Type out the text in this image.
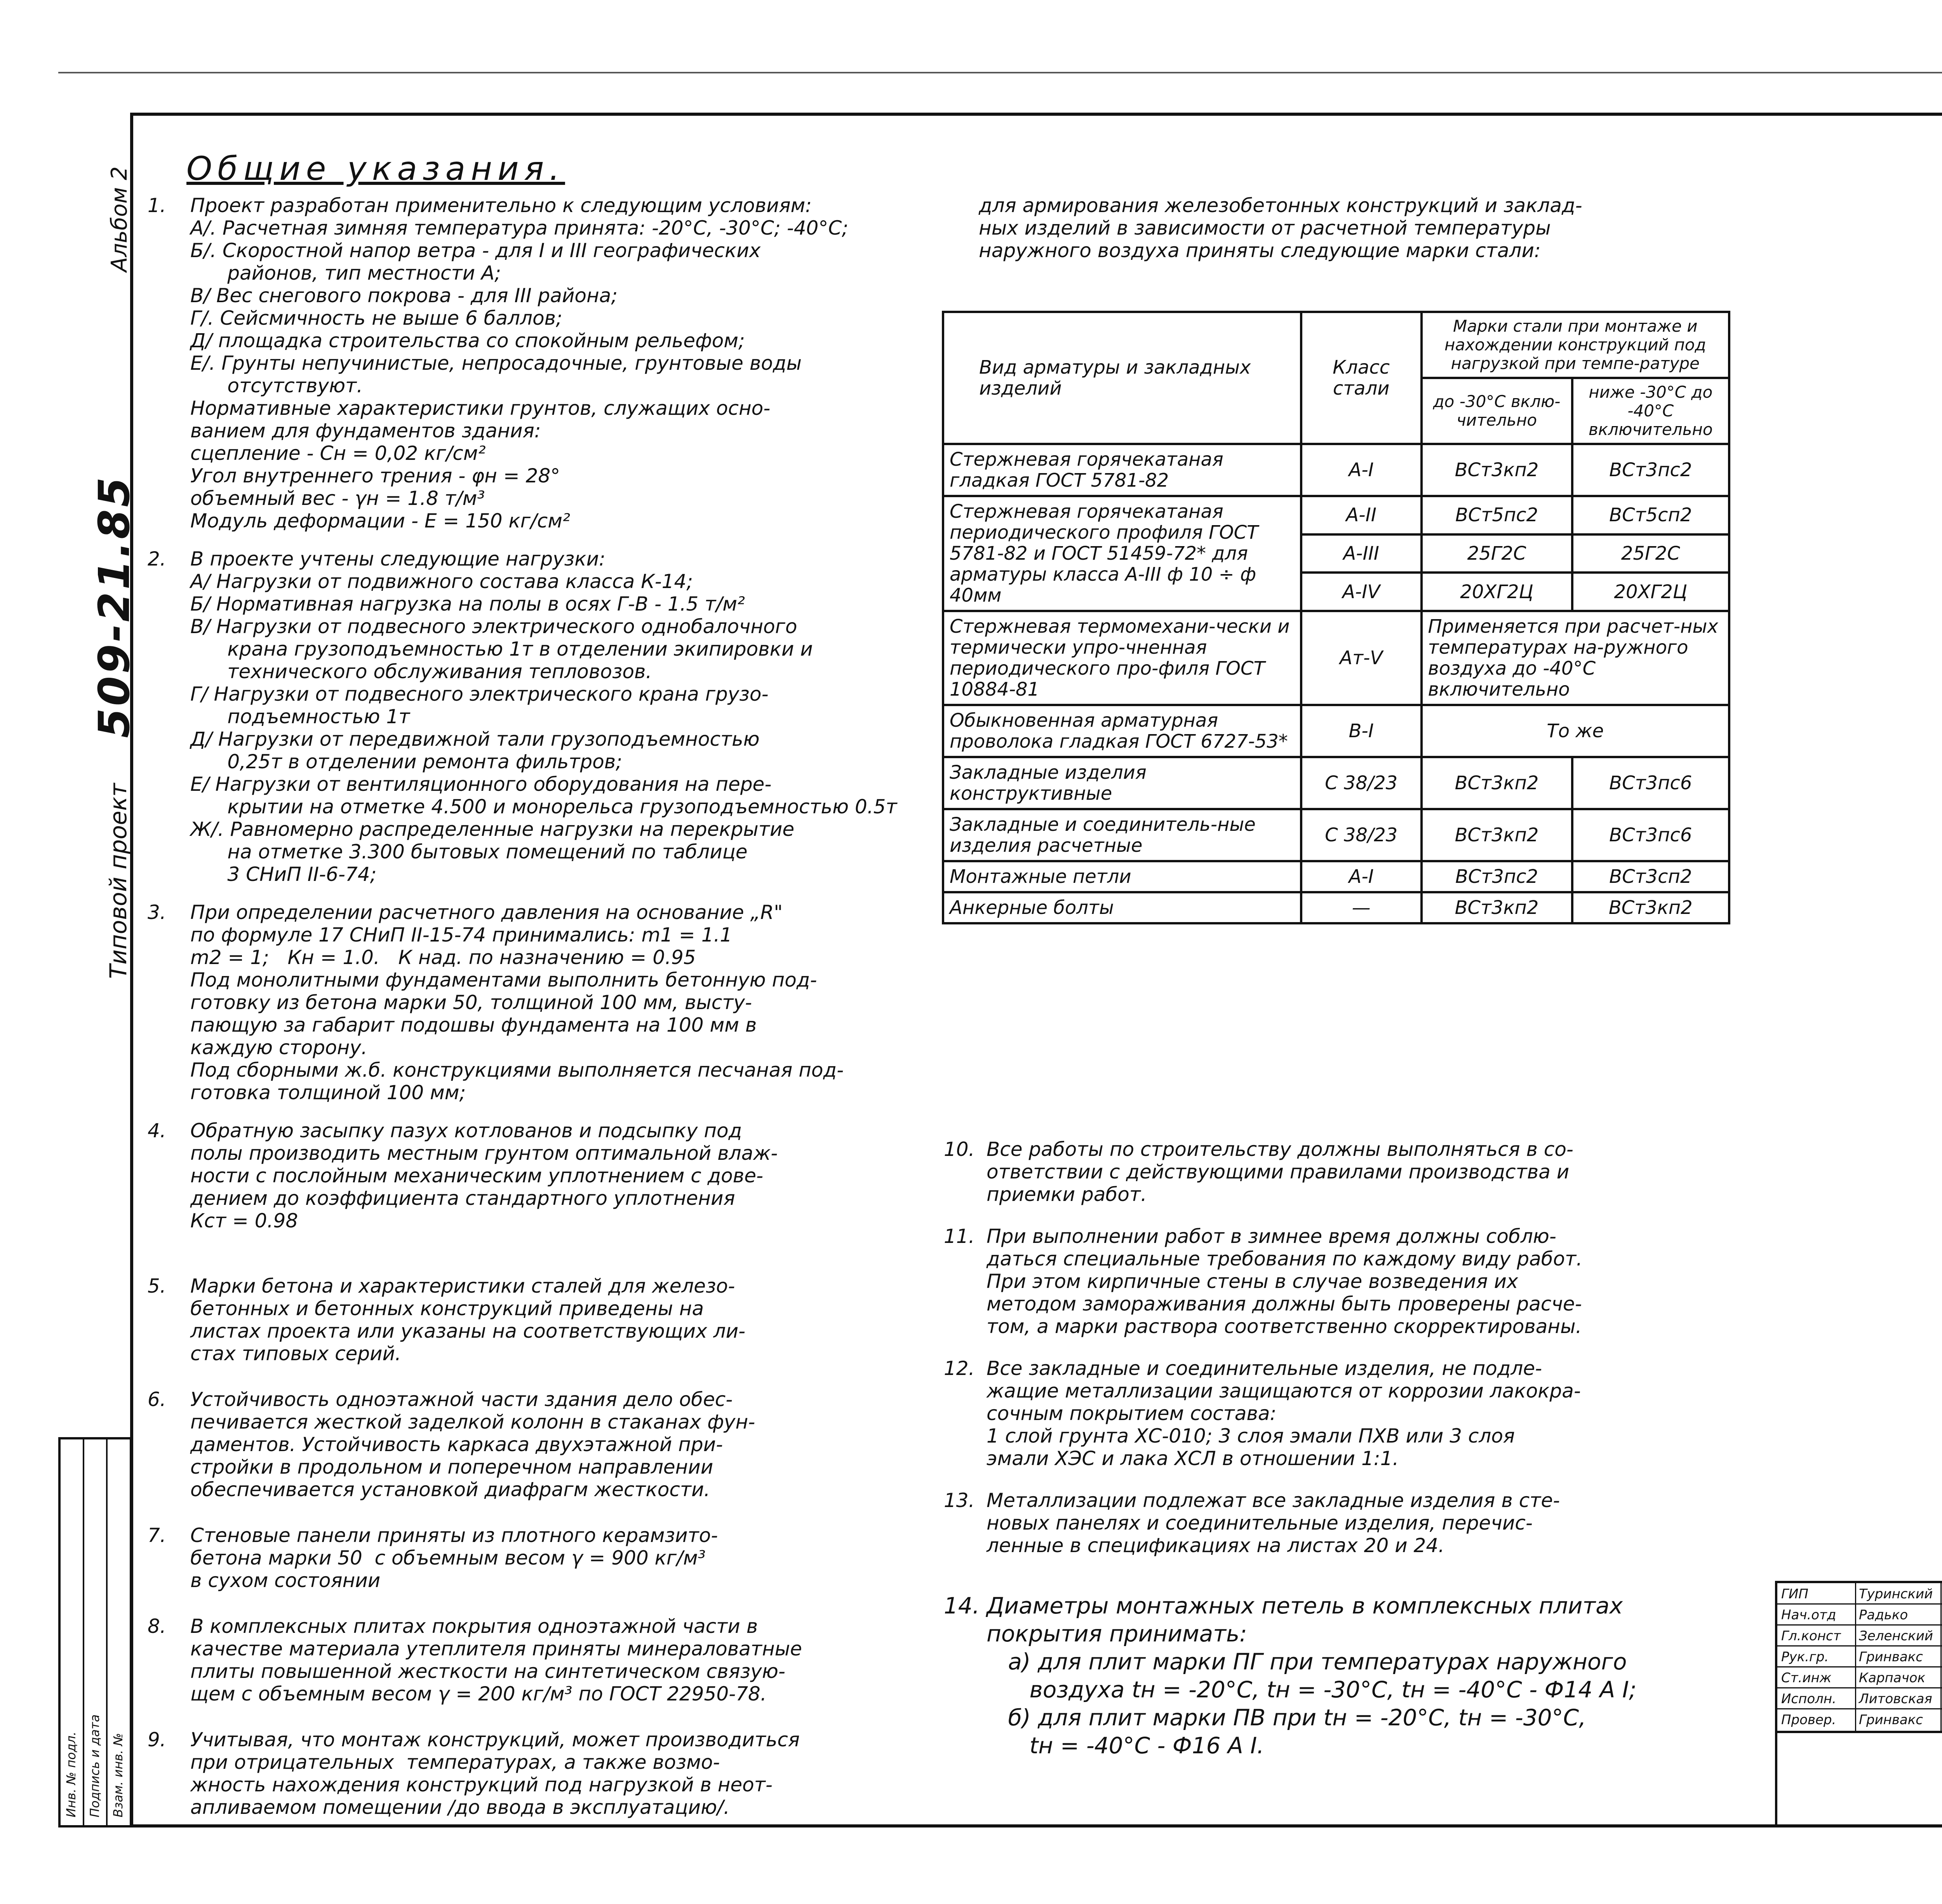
Альбом 2
509-21.85
Типовой проект
Инв. № подл. Подпись и дата Взам. инв. №
Общие указания.
1.	Проект разработан применительно к следующим условиям:
А/. Расчетная зимняя температура принята: -20°С, -30°С; -40°С;
Б/. Скоростной напор ветра - для I и III географических
районов, тип местности А;
В/ Вес снегового покрова - для III района;
Г/. Сейсмичность не выше 6 баллов;
Д/ площадка строительства со спокойным рельефом;
Е/. Грунты непучинистые, непросадочные, грунтовые воды
отсутствуют.
Нормативные характеристики грунтов, служащих осно-
ванием для фундаментов здания:
сцепление - Сн = 0,02 кг/см²
Угол внутреннего трения - φн = 28°
объемный вес - γн = 1.8 т/м³
Модуль деформации - Е = 150 кг/см²
2.	В проекте учтены следующие нагрузки:
А/ Нагрузки от подвижного состава класса К-14;
Б/ Нормативная нагрузка на полы в осях Г-В - 1.5 т/м²
В/ Нагрузки от подвесного электрического однобалочного
крана грузоподъемностью 1т в отделении экипировки и
технического обслуживания тепловозов.
Г/ Нагрузки от подвесного электрического крана грузо-
подъемностью 1т
Д/ Нагрузки от передвижной тали грузоподъемностью
0,25т в отделении ремонта фильтров;
Е/ Нагрузки от вентиляционного оборудования на пере-
крытии на отметке 4.500 и монорельса грузоподъемностью 0.5т
Ж/. Равномерно распределенные нагрузки на перекрытие
на отметке 3.300 бытовых помещений по таблице
3 СНиП II-6-74;
3.	При определении расчетного давления на основание „R"
по формуле 17 СНиП II-15-74 принимались: m1 = 1.1
m2 = 1;   Кн = 1.0.   К над. по назначению = 0.95
Под монолитными фундаментами выполнить бетонную под-
готовку из бетона марки 50, толщиной 100 мм, высту-
пающую за габарит подошвы фундамента на 100 мм в
каждую сторону.
Под сборными ж.б. конструкциями выполняется песчаная под-
готовка толщиной 100 мм;
4.	Обратную засыпку пазух котлованов и подсыпку под
полы производить местным грунтом оптимальной влаж-
ности с послойным механическим уплотнением с дове-
дением до коэффициента стандартного уплотнения
Кст = 0.98
5.	Марки бетона и характеристики сталей для железо-
бетонных и бетонных конструкций приведены на
листах проекта или указаны на соответствующих ли-
стах типовых серий.
6.	Устойчивость одноэтажной части здания дело обес-
печивается жесткой заделкой колонн в стаканах фун-
даментов. Устойчивость каркаса двухэтажной при-
стройки в продольном и поперечном направлении
обеспечивается установкой диафрагм жесткости.
7.	Стеновые панели приняты из плотного керамзито-
бетона марки 50  с объемным весом γ = 900 кг/м³
в сухом состоянии
8.	В комплексных плитах покрытия одноэтажной части в
качестве материала утеплителя приняты минераловатные
плиты повышенной жесткости на синтетическом связую-
щем с объемным весом γ = 200 кг/м³ по ГОСТ 22950-78.
9.	Учитывая, что монтаж конструкций, может производиться
при отрицательных  температурах, а также возмо-
жность нахождения конструкций под нагрузкой в неот-
апливаемом помещении /до ввода в эксплуатацию/.
для армирования железобетонных конструкций и заклад-
ных изделий в зависимости от расчетной температуры
наружного воздуха приняты следующие марки стали:
Вид арматуры и закладных изделий	Класс стали	Марки стали при монтаже и нахождении конструкций под нагрузкой при темпе-ратуре	
		до -30°С вклю-чительно	ниже -30°С до -40°С включительно
Стержневая горячекатаная гладкая ГОСТ 5781-82	А-I	ВСт3кп2	ВСт3пс2
Стержневая горячекатаная периодического профиля ГОСТ 5781-82 и ГОСТ 51459-72* для арматуры класса А-III ф 10 ÷ ф 40мм	А-II	ВСт5пс2	ВСт5сп2
	А-III	25Г2С	25Г2С
	А-IV	20ХГ2Ц	20ХГ2Ц
Стержневая термомехани-чески и термически упро-чненная периодического про-филя ГОСТ 10884-81	Ат-V	Применяется при расчет-ных температурах на-ружного воздуха до -40°С включительно	
Обыкновенная арматурная проволока гладкая ГОСТ 6727-53*	В-I	То же	
Закладные изделия конструктивные	С 38/23	ВСт3кп2	ВСт3пс6
Закладные и соединитель-ные изделия расчетные	С 38/23	ВСт3кп2	ВСт3пс6
Монтажные петли	А-I	ВСт3пс2	ВСт3сп2
Анкерные болты	—	ВСт3кп2	ВСт3кп2
10. Все работы по строительству должны выполняться в со-
ответствии с действующими правилами производства и
приемки работ.
11. При выполнении работ в зимнее время должны соблю-
даться специальные требования по каждому виду работ.
При этом кирпичные стены в случае возведения их
методом замораживания должны быть проверены расче-
том, а марки раствора соответственно скорректированы.
12. Все закладные и соединительные изделия, не подле-
жащие металлизации защищаются от коррозии лакокра-
сочным покрытием состава:
1 слой грунта ХС-010; 3 слоя эмали ПХВ или 3 слоя
эмали ХЭС и лака ХСЛ в отношении 1:1.
13. Металлизации подлежат все закладные изделия в сте-
новых панелях и соединительные изделия, перечис-
ленные в спецификациях на листах 20 и 24.
14. Диаметры монтажных петель в комплексных плитах
покрытия принимать:
а) для плит марки ПГ при температурах наружного
воздуха tн = -20°С, tн = -30°С, tн = -40°С - Ф14 А I;
б) для плит марки ПВ при tн = -20°С, tн = -30°С,
tн = -40°С - Ф16 А I.
ГИП	Туринский
Нач.отд Радько
Гл.конст Зеленский
Рук.гр. Гринвакс
Ст.инж Карпачок
Исполн. Литовская
Провер. Гринвакс
